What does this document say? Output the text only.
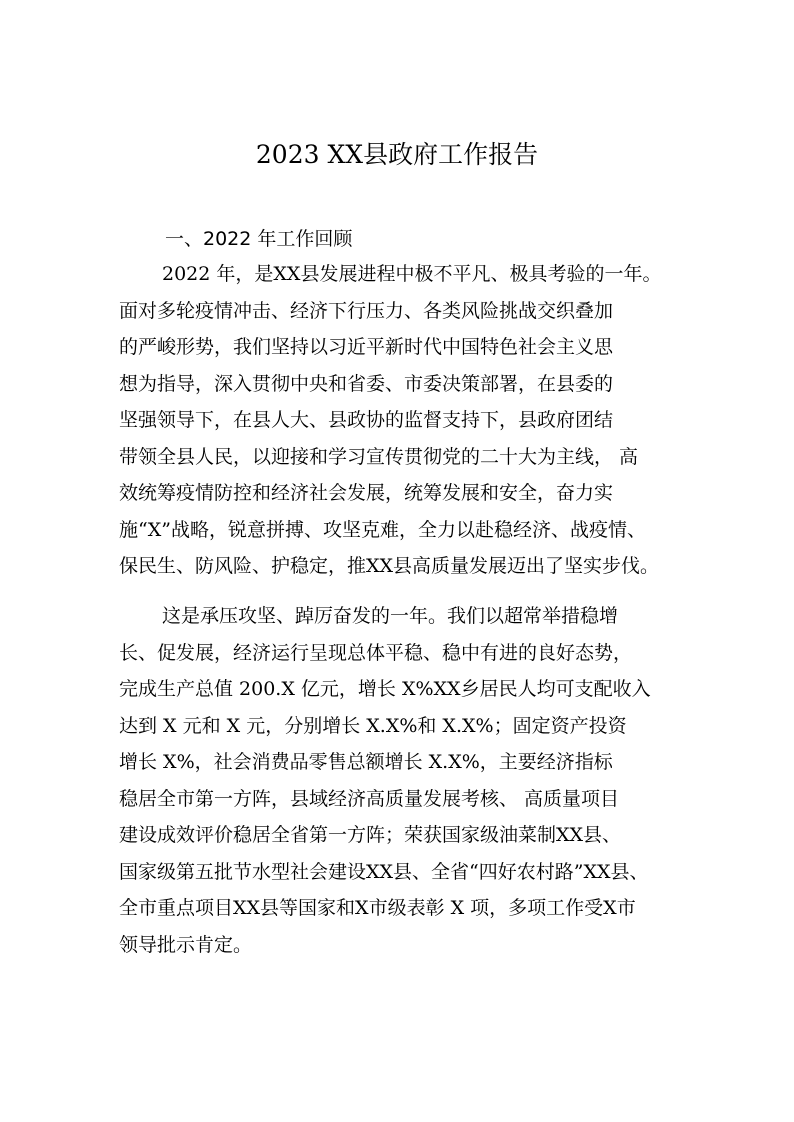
2023 XX县政府工作报告
一、2022 年工作回顾
2022 年，是XX县发展进程中极不平凡、极具考验的一年。
面对多轮疫情冲击、经济下行压力、各类风险挑战交织叠加
的严峻形势，我们坚持以习近平新时代中国特色社会主义思
想为指导，深入贯彻中央和省委、市委决策部署，在县委的
坚强领导下，在县人大、县政协的监督支持下，县政府团结
带领全县人民，以迎接和学习宣传贯彻党的二十大为主线， 高
效统筹疫情防控和经济社会发展，统筹发展和安全，奋力实
施“X”战略，锐意拼搏、攻坚克难，全力以赴稳经济、战疫情、
保民生、防风险、护稳定，推XX县高质量发展迈出了坚实步伐。
这是承压攻坚、踔厉奋发的一年。我们以超常举措稳增
长、促发展，经济运行呈现总体平稳、稳中有进的良好态势，
完成生产总值 200.X 亿元，增长 X%XX乡居民人均可支配收入
达到 X 元和 X 元，分别增长 X.X%和 X.X%；固定资产投资
增长 X%，社会消费品零售总额增长 X.X%，主要经济指标
稳居全市第一方阵，县域经济高质量发展考核、 高质量项目
建设成效评价稳居全省第一方阵；荣获国家级油菜制XX县、
国家级第五批节水型社会建设XX县、全省“四好农村路”XX县、
全市重点项目XX县等国家和X市级表彰 X 项，多项工作受X市
领导批示肯定。
